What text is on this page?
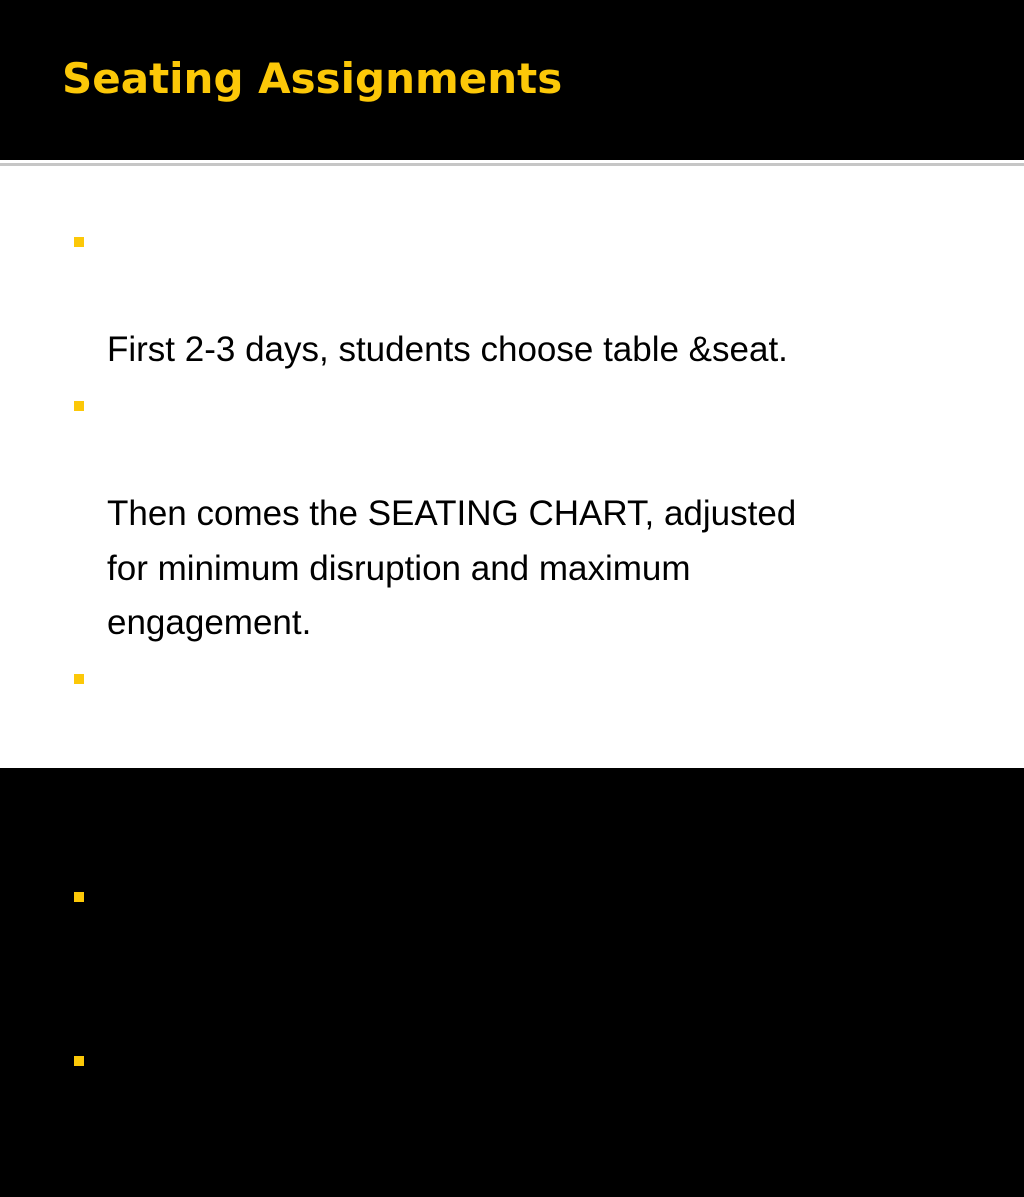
Seating Assignments

First 2-3 days, students choose table &seat.

Then comes the SEATING CHART, adjusted
for minimum disruption and maximum
engagement.

Fill in names on blank seating chart as roll is
called – got’cha!

Adjusted as attitudes & grades dictate.

Consider shuffle at midterm.
